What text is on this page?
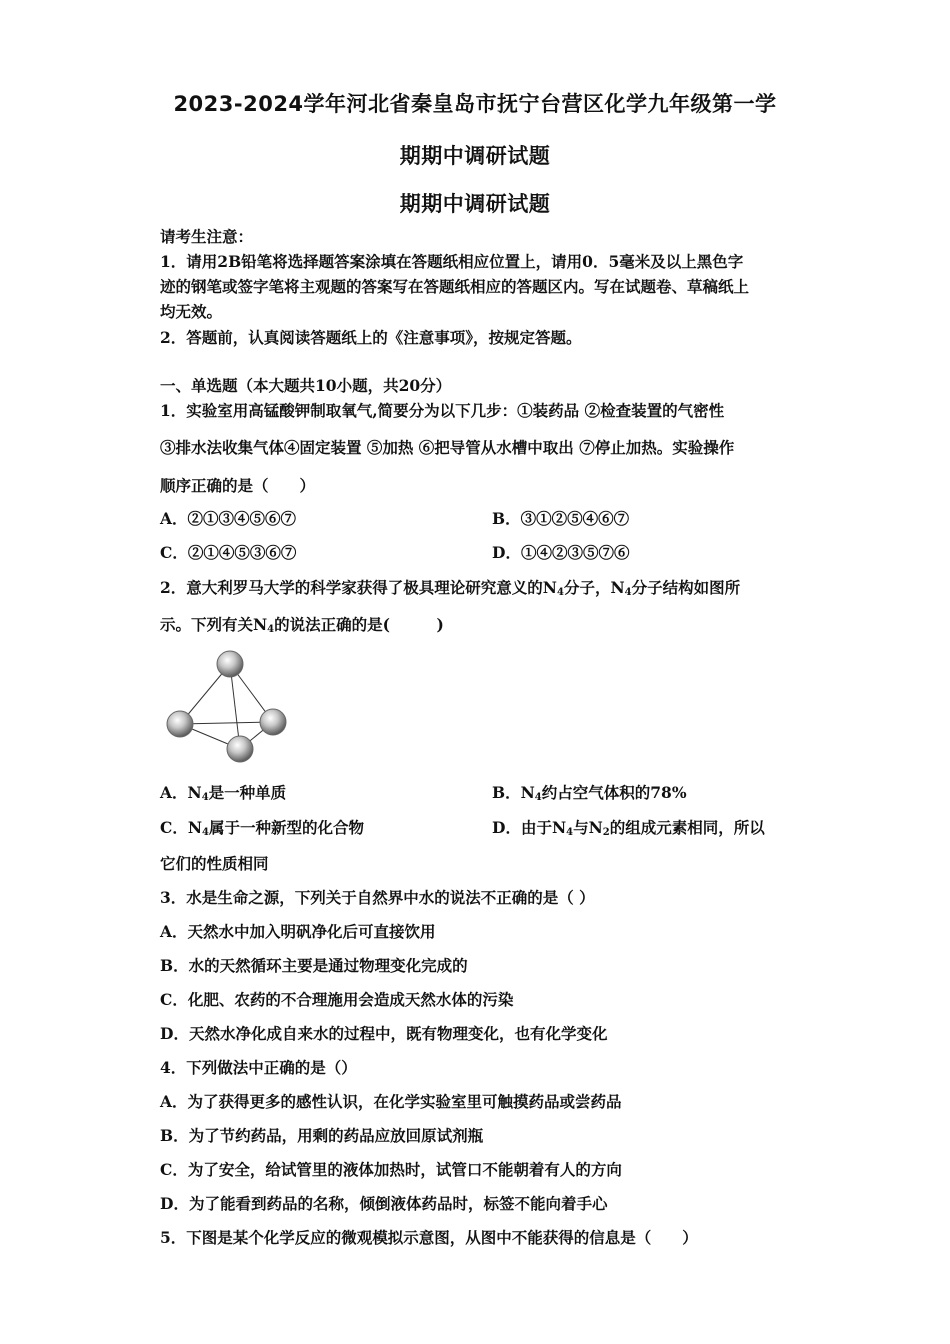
2023-2024学年河北省秦皇岛市抚宁台营区化学九年级第一学
期期中调研试题
期期中调研试题
请考生注意：
1．请用2B铅笔将选择题答案涂填在答题纸相应位置上，请用0．5毫米及以上黑色字
迹的钢笔或签字笔将主观题的答案写在答题纸相应的答题区内。写在试题卷、草稿纸上
均无效。
2．答题前，认真阅读答题纸上的《注意事项》，按规定答题。
一、单选题（本大题共10小题，共20分）
1．实验室用高锰酸钾制取氧气,简要分为以下几步：①装药品 ②检查装置的气密性
③排水法收集气体④固定装置 ⑤加热 ⑥把导管从水槽中取出 ⑦停止加热。实验操作
顺序正确的是（　　）
A．②①③④⑤⑥⑦	B．③①②⑤④⑥⑦
C．②①④⑤③⑥⑦	D．①④②③⑤⑦⑥
2．意大利罗马大学的科学家获得了极具理论研究意义的$N_4$分子，$N_4$分子结构如图所
示。下列有关$N_4$的说法正确的是(　　　)
A．$N_4$是一种单质	B．$N_4$约占空气体积的78%
C．$N_4$属于一种新型的化合物	D．由于$N_4$与$N_2$的组成元素相同，所以
它们的性质相同
3．水是生命之源，下列关于自然界中水的说法不正确的是（ ）
A．天然水中加入明矾净化后可直接饮用
B．水的天然循环主要是通过物理变化完成的
C．化肥、农药的不合理施用会造成天然水体的污染
D．天然水净化成自来水的过程中，既有物理变化，也有化学变化
4．下列做法中正确的是（）
A．为了获得更多的感性认识，在化学实验室里可触摸药品或尝药品
B．为了节约药品，用剩的药品应放回原试剂瓶
C．为了安全，给试管里的液体加热时，试管口不能朝着有人的方向
D．为了能看到药品的名称，倾倒液体药品时，标签不能向着手心
5．下图是某个化学反应的微观模拟示意图，从图中不能获得的信息是（　　）
